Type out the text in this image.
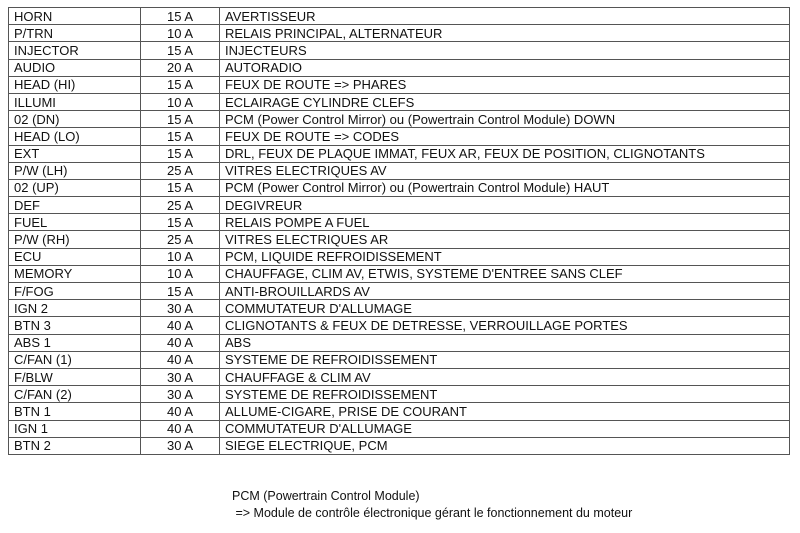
HORN	15 A	AVERTISSEUR
P/TRN	10 A	RELAIS PRINCIPAL, ALTERNATEUR
INJECTOR	15 A	INJECTEURS
AUDIO	20 A	AUTORADIO
HEAD (HI)	15 A	FEUX DE ROUTE => PHARES
ILLUMI	10 A	ECLAIRAGE CYLINDRE CLEFS
02 (DN)	15 A	PCM (Power Control Mirror) ou (Powertrain Control Module) DOWN
HEAD (LO)	15 A	FEUX DE ROUTE => CODES
EXT	15 A	DRL, FEUX DE PLAQUE IMMAT, FEUX AR, FEUX DE POSITION, CLIGNOTANTS
P/W (LH)	25 A	VITRES ELECTRIQUES AV
02 (UP)	15 A	PCM (Power Control Mirror) ou (Powertrain Control Module) HAUT
DEF	25 A	DEGIVREUR
FUEL	15 A	RELAIS POMPE A FUEL
P/W (RH)	25 A	VITRES ELECTRIQUES AR
ECU	10 A	PCM, LIQUIDE REFROIDISSEMENT
MEMORY	10 A	CHAUFFAGE, CLIM AV, ETWIS, SYSTEME D'ENTREE SANS CLEF
F/FOG	15 A	ANTI-BROUILLARDS AV
IGN 2	30 A	COMMUTATEUR D'ALLUMAGE
BTN 3	40 A	CLIGNOTANTS & FEUX DE DETRESSE, VERROUILLAGE PORTES
ABS 1	40 A	ABS
C/FAN (1)	40 A	SYSTEME DE REFROIDISSEMENT
F/BLW	30 A	CHAUFFAGE & CLIM AV
C/FAN (2)	30 A	SYSTEME DE REFROIDISSEMENT
BTN 1	40 A	ALLUME-CIGARE, PRISE DE COURANT
IGN 1	40 A	COMMUTATEUR D'ALLUMAGE
BTN 2	30 A	SIEGE ELECTRIQUE, PCM
PCM (Powertrain Control Module)
=> Module de contrôle électronique gérant le fonctionnement du moteur
